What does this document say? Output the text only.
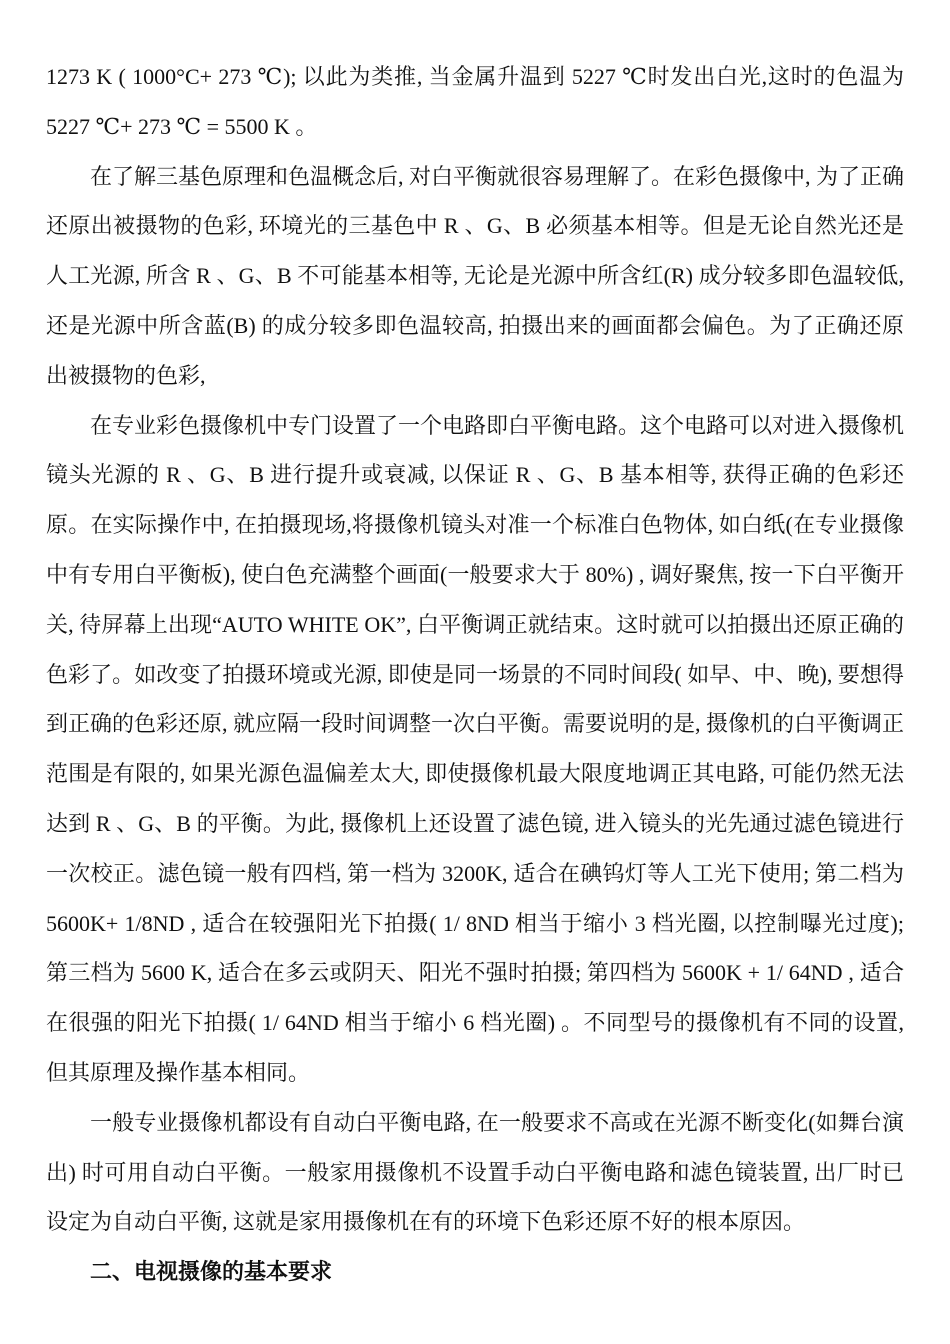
1273 K ( 1000°C+ 273 ℃); 以此为类推, 当金属升温到 5227 ℃时发出白光,这时的色温为 5227 ℃+ 273 ℃ = 5500 K 。

在了解三基色原理和色温概念后, 对白平衡就很容易理解了。在彩色摄像中, 为了正确还原出被摄物的色彩, 环境光的三基色中 R 、G、B 必须基本相等。但是无论自然光还是人工光源, 所含 R 、G、B 不可能基本相等, 无论是光源中所含红(R) 成分较多即色温较低, 还是光源中所含蓝(B) 的成分较多即色温较高, 拍摄出来的画面都会偏色。为了正确还原出被摄物的色彩,

在专业彩色摄像机中专门设置了一个电路即白平衡电路。这个电路可以对进入摄像机镜头光源的 R 、G、B 进行提升或衰减, 以保证 R 、G、B 基本相等, 获得正确的色彩还原。在实际操作中, 在拍摄现场,将摄像机镜头对准一个标准白色物体, 如白纸(在专业摄像中有专用白平衡板), 使白色充满整个画面(一般要求大于 80%) , 调好聚焦, 按一下白平衡开关, 待屏幕上出现“AUTO WHITE OK”, 白平衡调正就结束。这时就可以拍摄出还原正确的色彩了。如改变了拍摄环境或光源, 即使是同一场景的不同时间段( 如早、中、晚), 要想得到正确的色彩还原, 就应隔一段时间调整一次白平衡。需要说明的是, 摄像机的白平衡调正范围是有限的, 如果光源色温偏差太大, 即使摄像机最大限度地调正其电路, 可能仍然无法达到 R 、G、B 的平衡。为此, 摄像机上还设置了滤色镜, 进入镜头的光先通过滤色镜进行一次校正。滤色镜一般有四档, 第一档为 3200K, 适合在碘钨灯等人工光下使用; 第二档为 5600K+ 1/8ND , 适合在较强阳光下拍摄( 1/ 8ND 相当于缩小 3 档光圈, 以控制曝光过度); 第三档为 5600 K, 适合在多云或阴天、阳光不强时拍摄; 第四档为 5600K + 1/ 64ND , 适合在很强的阳光下拍摄( 1/ 64ND 相当于缩小 6 档光圈) 。不同型号的摄像机有不同的设置, 但其原理及操作基本相同。

一般专业摄像机都设有自动白平衡电路, 在一般要求不高或在光源不断变化(如舞台演出) 时可用自动白平衡。一般家用摄像机不设置手动白平衡电路和滤色镜装置, 出厂时已设定为自动白平衡, 这就是家用摄像机在有的环境下色彩还原不好的根本原因。

二、电视摄像的基本要求
